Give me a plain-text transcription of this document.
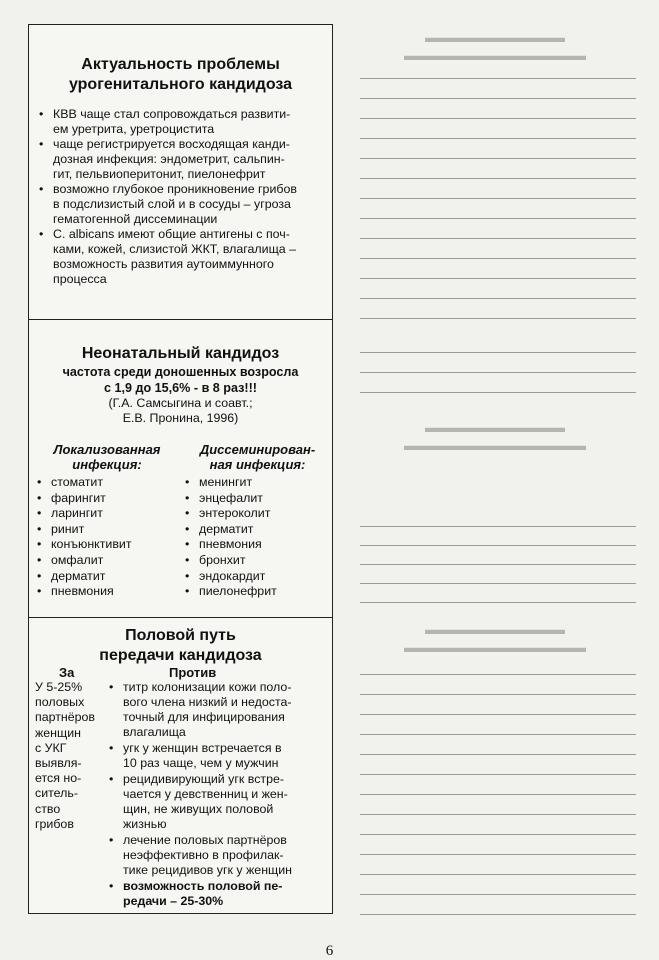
▬▬▬▬▬▬▬▬▬▬
▬▬▬▬▬▬▬▬▬▬▬▬▬
▬▬▬▬▬▬▬▬▬▬
▬▬▬▬▬▬▬▬▬▬▬▬▬
▬▬▬▬▬▬▬▬▬▬
▬▬▬▬▬▬▬▬▬▬▬▬▬
Актуальность проблемы
урогенитального кандидоза
• КВВ чаще стал сопровождаться развити-
ем уретрита, уретроцистита
• чаще регистрируется восходящая канди-
дозная инфекция: эндометрит, сальпин-
гит, пельвиоперитонит, пиелонефрит
• возможно глубокое проникновение грибов
в подслизистый слой и в сосуды – угроза
гематогенной диссеминации
• C. albicans имеют общие антигены с поч-
ками, кожей, слизистой ЖКТ, влагалища –
возможность развития аутоиммунного
процесса
Неонатальный кандидоз
частота среди доношенных возросла
с 1,9 до 15,6% - в 8 раз!!!
(Г.А. Самсыгина и соавт.;
Е.В. Пронина, 1996)
Локализованная
инфекция:
• стоматит
• фарингит
• ларингит
• ринит
• конъюнктивит
• омфалит
• дерматит
• пневмония
Диссеминирован-
ная инфекция:
• менингит
• энцефалит
• энтероколит
• дерматит
• пневмония
• бронхит
• эндокардит
• пиелонефрит
Половой путь
передачи кандидоза
За
У 5-25%
половых
партнёров
женщин
с УКГ
выявля-
ется но-
ситель-
ство
грибов
Против
• титр колонизации кожи поло-
вого члена низкий и недоста-
точный для инфицирования
влагалища
• угк у женщин встречается в
10 раз чаще, чем у мужчин
• рецидивирующий угк встре-
чается у девственниц и жен-
щин, не живущих половой
жизнью
• лечение половых партнёров
неэффективно в профилак-
тике рецидивов угк у женщин
• возможность половой пе-
редачи – 25-30%
6
